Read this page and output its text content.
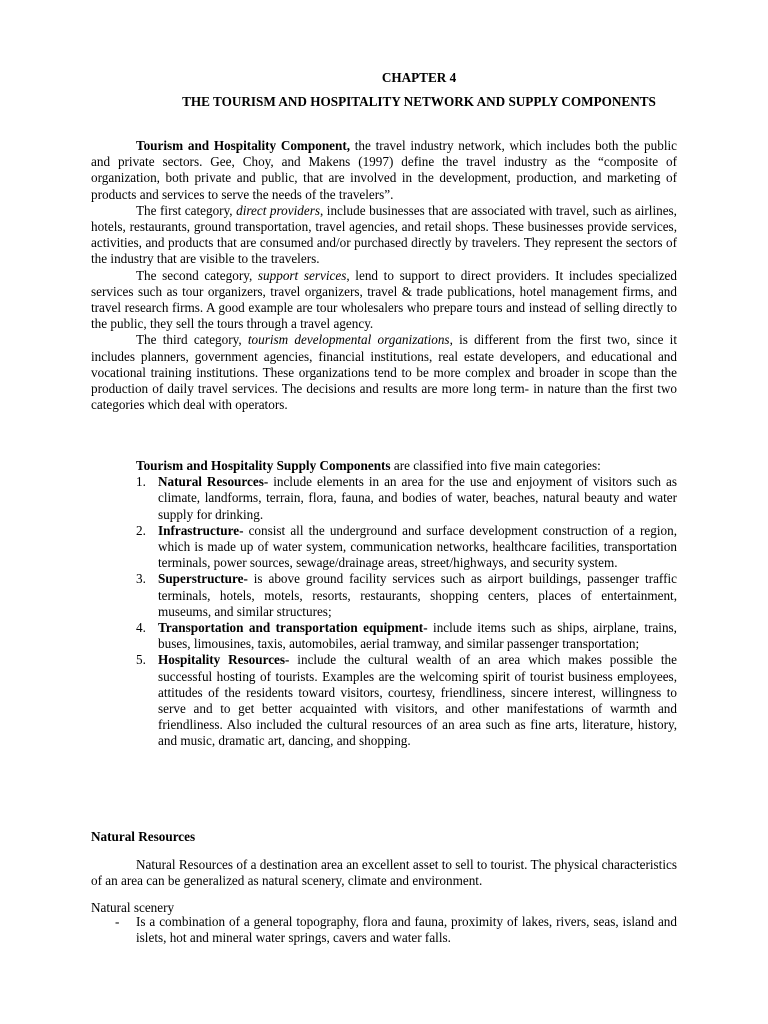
CHAPTER 4
THE TOURISM AND HOSPITALITY NETWORK AND SUPPLY COMPONENTS

Tourism and Hospitality Component, the travel industry network, which includes both the public and private sectors. Gee, Choy, and Makens (1997) define the travel industry as the “composite of organization, both private and public, that are involved in the development, production, and marketing of products and services to serve the needs of the travelers”.

The first category, direct providers, include businesses that are associated with travel, such as airlines, hotels, restaurants, ground transportation, travel agencies, and retail shops. These businesses provide services, activities, and products that are consumed and/or purchased directly by travelers. They represent the sectors of the industry that are visible to the travelers.

The second category, support services, lend to support to direct providers. It includes specialized services such as tour organizers, travel organizers, travel & trade publications, hotel management firms, and travel research firms. A good example are tour wholesalers who prepare tours and instead of selling directly to the public, they sell the tours through a travel agency.

The third category, tourism developmental organizations, is different from the first two, since it includes planners, government agencies, financial institutions, real estate developers, and educational and vocational training institutions. These organizations tend to be more complex and broader in scope than the production of daily travel services. The decisions and results are more long term- in nature than the first two categories which deal with operators.

Tourism and Hospitality Supply Components are classified into five main categories:

1. Natural Resources- include elements in an area for the use and enjoyment of visitors such as climate, landforms, terrain, flora, fauna, and bodies of water, beaches, natural beauty and water supply for drinking.
2. Infrastructure- consist all the underground and surface development construction of a region, which is made up of water system, communication networks, healthcare facilities, transportation terminals, power sources, sewage/drainage areas, street/highways, and security system.
3. Superstructure- is above ground facility services such as airport buildings, passenger traffic terminals, hotels, motels, resorts, restaurants, shopping centers, places of entertainment, museums, and similar structures;
4. Transportation and transportation equipment- include items such as ships, airplane, trains, buses, limousines, taxis, automobiles, aerial tramway, and similar passenger transportation;
5. Hospitality Resources- include the cultural wealth of an area which makes possible the successful hosting of tourists. Examples are the welcoming spirit of tourist business employees, attitudes of the residents toward visitors, courtesy, friendliness, sincere interest, willingness to serve and to get better acquainted with visitors, and other manifestations of warmth and friendliness. Also included the cultural resources of an area such as fine arts, literature, history, and music, dramatic art, dancing, and shopping.
Natural Resources

Natural Resources of a destination area an excellent asset to sell to tourist. The physical characteristics of an area can be generalized as natural scenery, climate and environment.

Natural scenery
- Is a combination of a general topography, flora and fauna, proximity of lakes, rivers, seas, island and islets, hot and mineral water springs, cavers and water falls.
